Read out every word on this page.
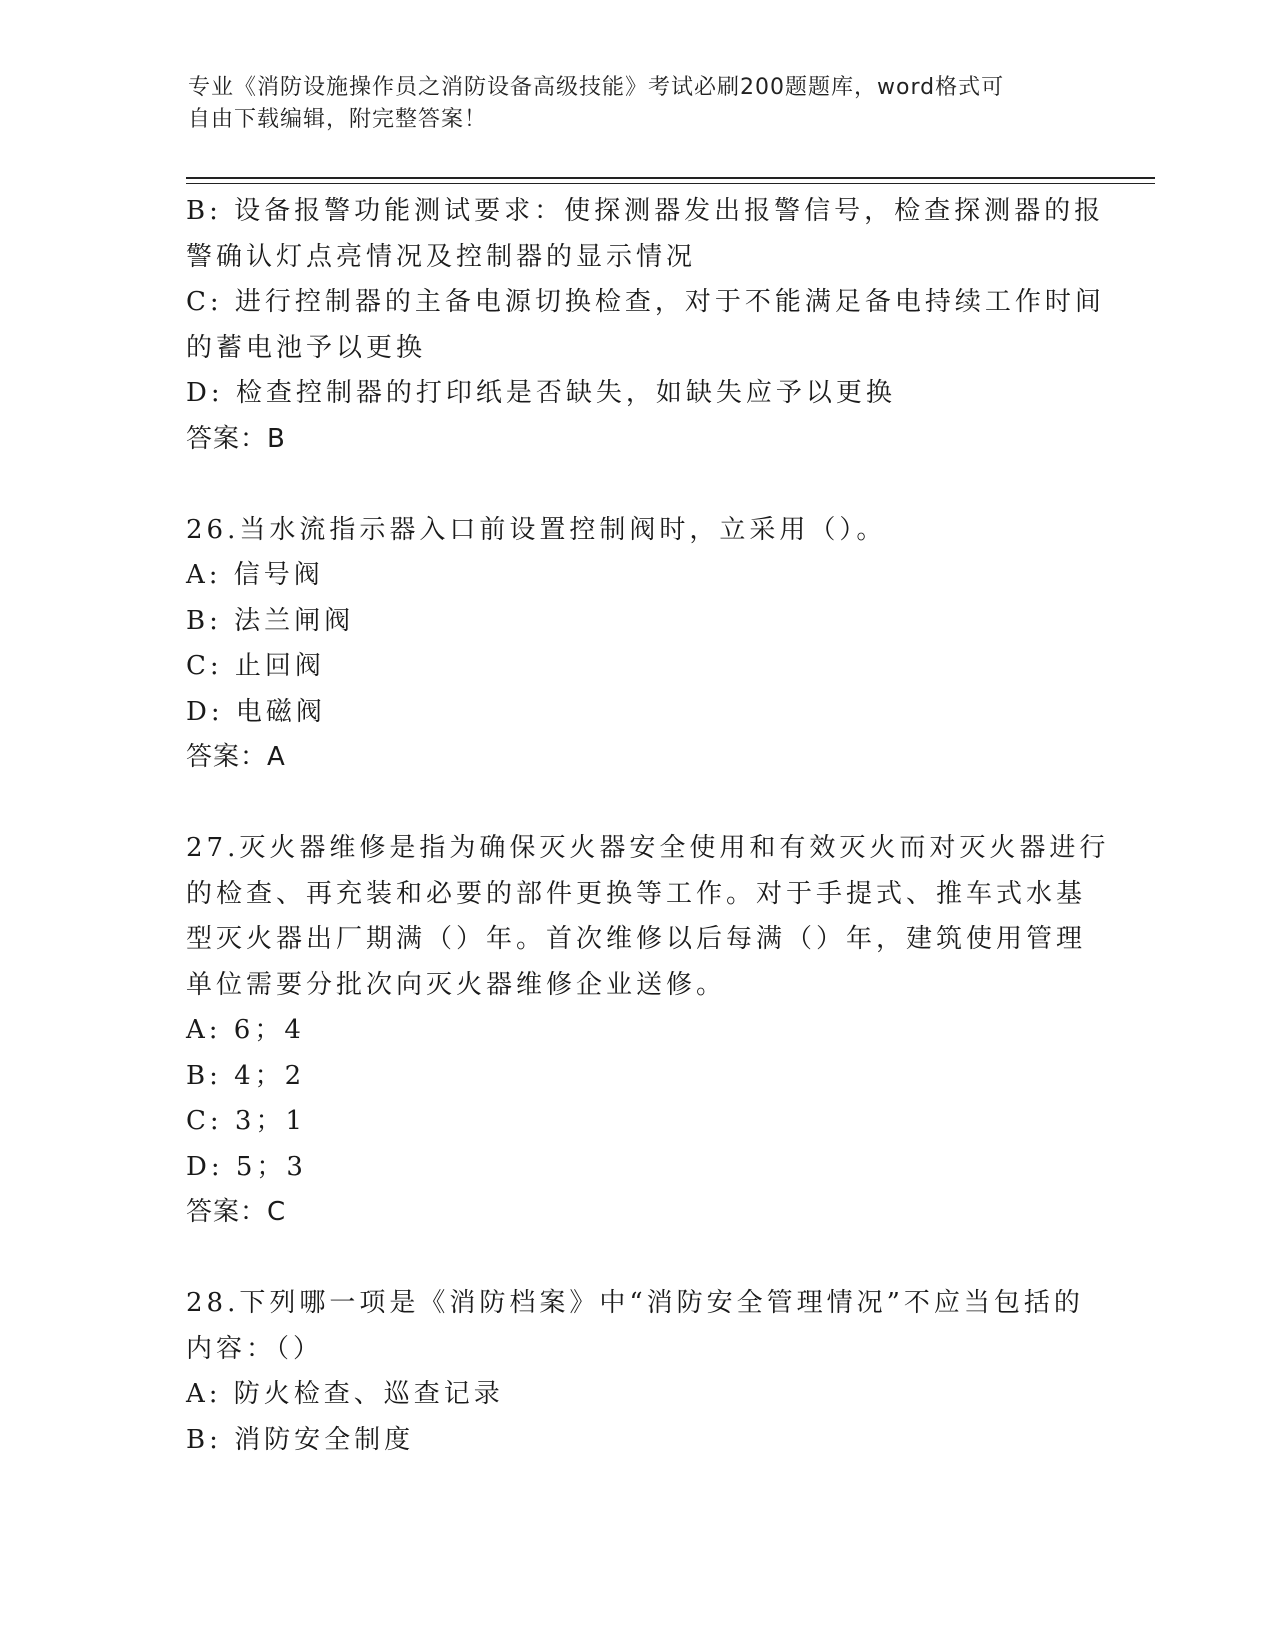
专业《消防设施操作员之消防设备高级技能》考试必刷200题题库，word格式可
自由下载编辑，附完整答案！
B: 设备报警功能测试要求：使探测器发出报警信号，检查探测器的报
警确认灯点亮情况及控制器的显示情况
C: 进行控制器的主备电源切换检查，对于不能满足备电持续工作时间
的蓄电池予以更换
D: 检查控制器的打印纸是否缺失，如缺失应予以更换
答案：B
26.当水流指示器入口前设置控制阀时，立采用（）。
A: 信号阀
B: 法兰闸阀
C: 止回阀
D: 电磁阀
答案：A
27.灭火器维修是指为确保灭火器安全使用和有效灭火而对灭火器进行
的检查、再充装和必要的部件更换等工作。对于手提式、推车式水基
型灭火器出厂期满（）年。首次维修以后每满（）年，建筑使用管理
单位需要分批次向灭火器维修企业送修。
A: 6；4
B: 4；2
C: 3；1
D: 5；3
答案：C
28.下列哪一项是《消防档案》中“消防安全管理情况”不应当包括的
内容：（）
A: 防火检查、巡查记录
B: 消防安全制度
